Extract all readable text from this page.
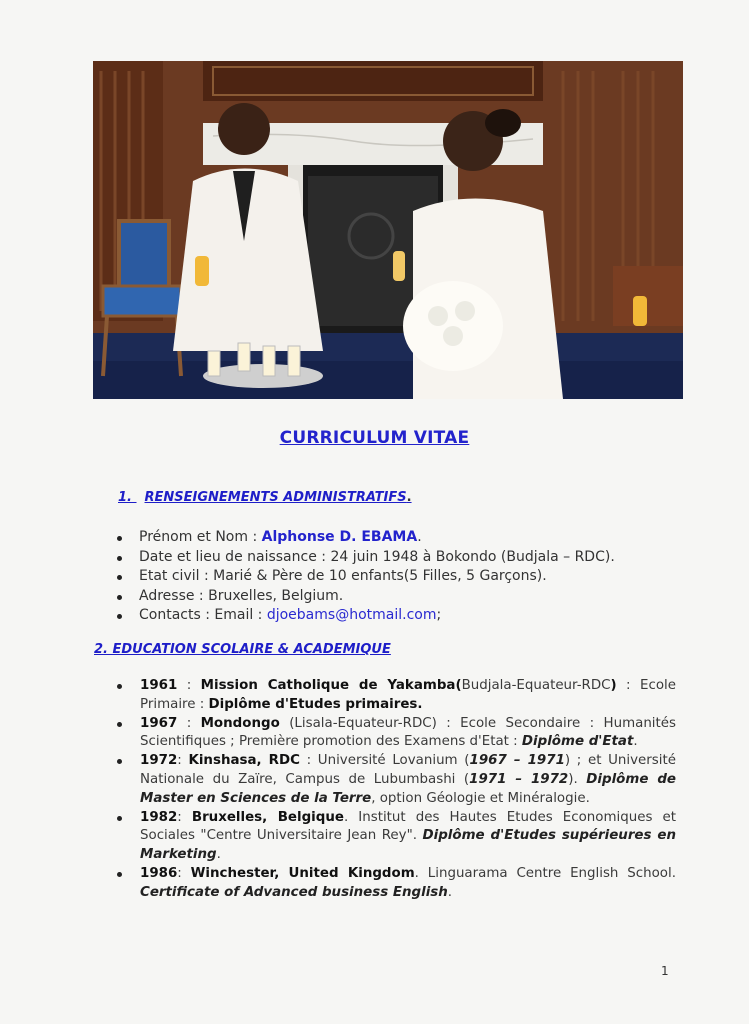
CURRICULUM VITAE
1. RENSEIGNEMENTS ADMINISTRATIFS.
Prénom et Nom : Alphonse D. EBAMA.
Date et lieu de naissance : 24 juin 1948 à Bokondo (Budjala – RDC).
Etat civil : Marié & Père de 10 enfants(5 Filles, 5 Garçons).
Adresse : Bruxelles, Belgium.
Contacts : Email : djoebams@hotmail.com;
2. EDUCATION SCOLAIRE & ACADEMIQUE
1961 : Mission Catholique de Yakamba(Budjala-Equateur-RDC) : Ecole Primaire : Diplôme d'Etudes primaires.
1967 : Mondongo (Lisala-Equateur-RDC) : Ecole Secondaire : Humanités Scientifiques ; Première promotion des Examens d'Etat : Diplôme d'Etat.
1972: Kinshasa, RDC : Université Lovanium (1967 – 1971) ; et Université Nationale du Zaïre, Campus de Lubumbashi (1971 – 1972). Diplôme de Master en Sciences de la Terre, option Géologie et Minéralogie.
1982: Bruxelles, Belgique. Institut des Hautes Etudes Economiques et Sociales "Centre Universitaire Jean Rey". Diplôme d'Etudes supérieures en Marketing.
1986: Winchester, United Kingdom. Linguarama Centre English School. Certificate of Advanced business English.
1
